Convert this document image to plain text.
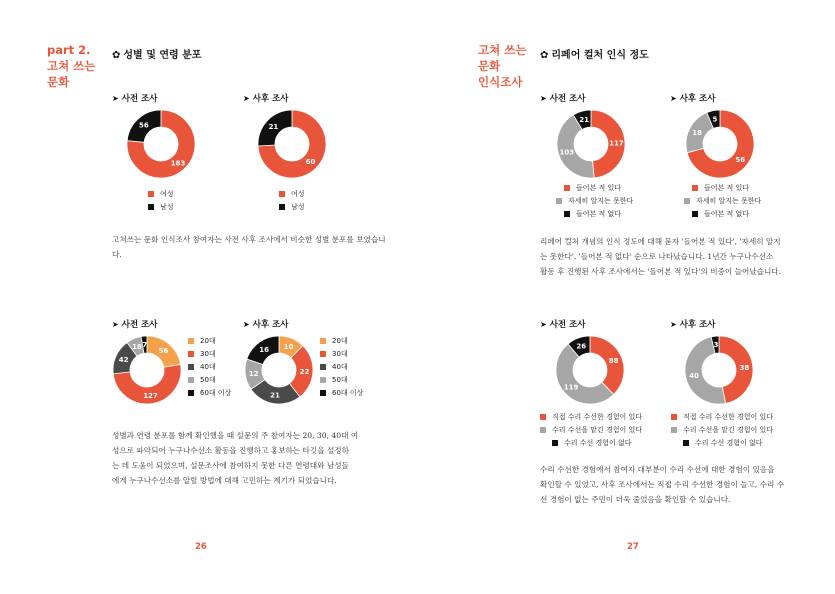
part 2.
고쳐 쓰는
문화
✿ 성별 및 연령 분포
➤ 사전 조사	➤ 사후 조사
183
56
60
21
여성
남성
여성
남성
고쳐쓰는 문화 인식조사 참여자는 사전 사후 조사에서 비슷한 성별 분포를 보였습니다.
➤ 사전 조사	➤ 사후 조사
56
127
42
18 7	10
22
21
12
16
20대
30대
40대
50대
60대 이상
20대
30대
40대
50대
60대 이상
성별과 연령 분포를 함께 확인했을 때 설문의 주 참여자는 20, 30, 40대 여
성으로 파악되어 누구나수선소 활동을 진행하고 홍보하는 타깃을 설정하
는 데 도움이 되었으며, 설문조사에 참여하지 못한 다른 연령대와 남성들
에게 누구나수선소를 알릴 방법에 대해 고민하는 계기가 되었습니다.
26
고쳐 쓰는
문화
인식조사
✿ 리페어 컬처 인식 정도
➤ 사전 조사	➤ 사후 조사
117
103
21
56
18
5
들어본 적 있다
자세히 알지는 못한다
들어본 적 없다
들어본 적 있다
자세히 알지는 못한다
들어본 적 없다
리페어 컬처 개념의 인식 정도에 대해 묻자 '들어본 적 있다', '자세히 알지
는 못한다', '들어본 적 없다' 순으로 나타났습니다. 1년간 누구나수선소
활동 후 진행된 사후 조사에서는 '들어본 적 있다'의 비중이 늘어났습니다.
➤ 사전 조사	➤ 사후 조사
88
119
26
38
40
3
직접 수리 수선한 경험이 있다
수리 수선을 맡긴 경험이 있다
수리 수선 경험이 없다
직접 수리 수선한 경험이 있다
수리 수선을 맡긴 경험이 있다
수리 수선 경험이 없다
수리 수선한 경험에서 참여자 대부분이 수리 수선에 대한 경험이 있음을
확인할 수 있었고, 사후 조사에서는 직접 수리 수선한 경험이 늘고, 수리 수
선 경험이 없는 주민이 더욱 줄었음을 확인할 수 있습니다.
27
